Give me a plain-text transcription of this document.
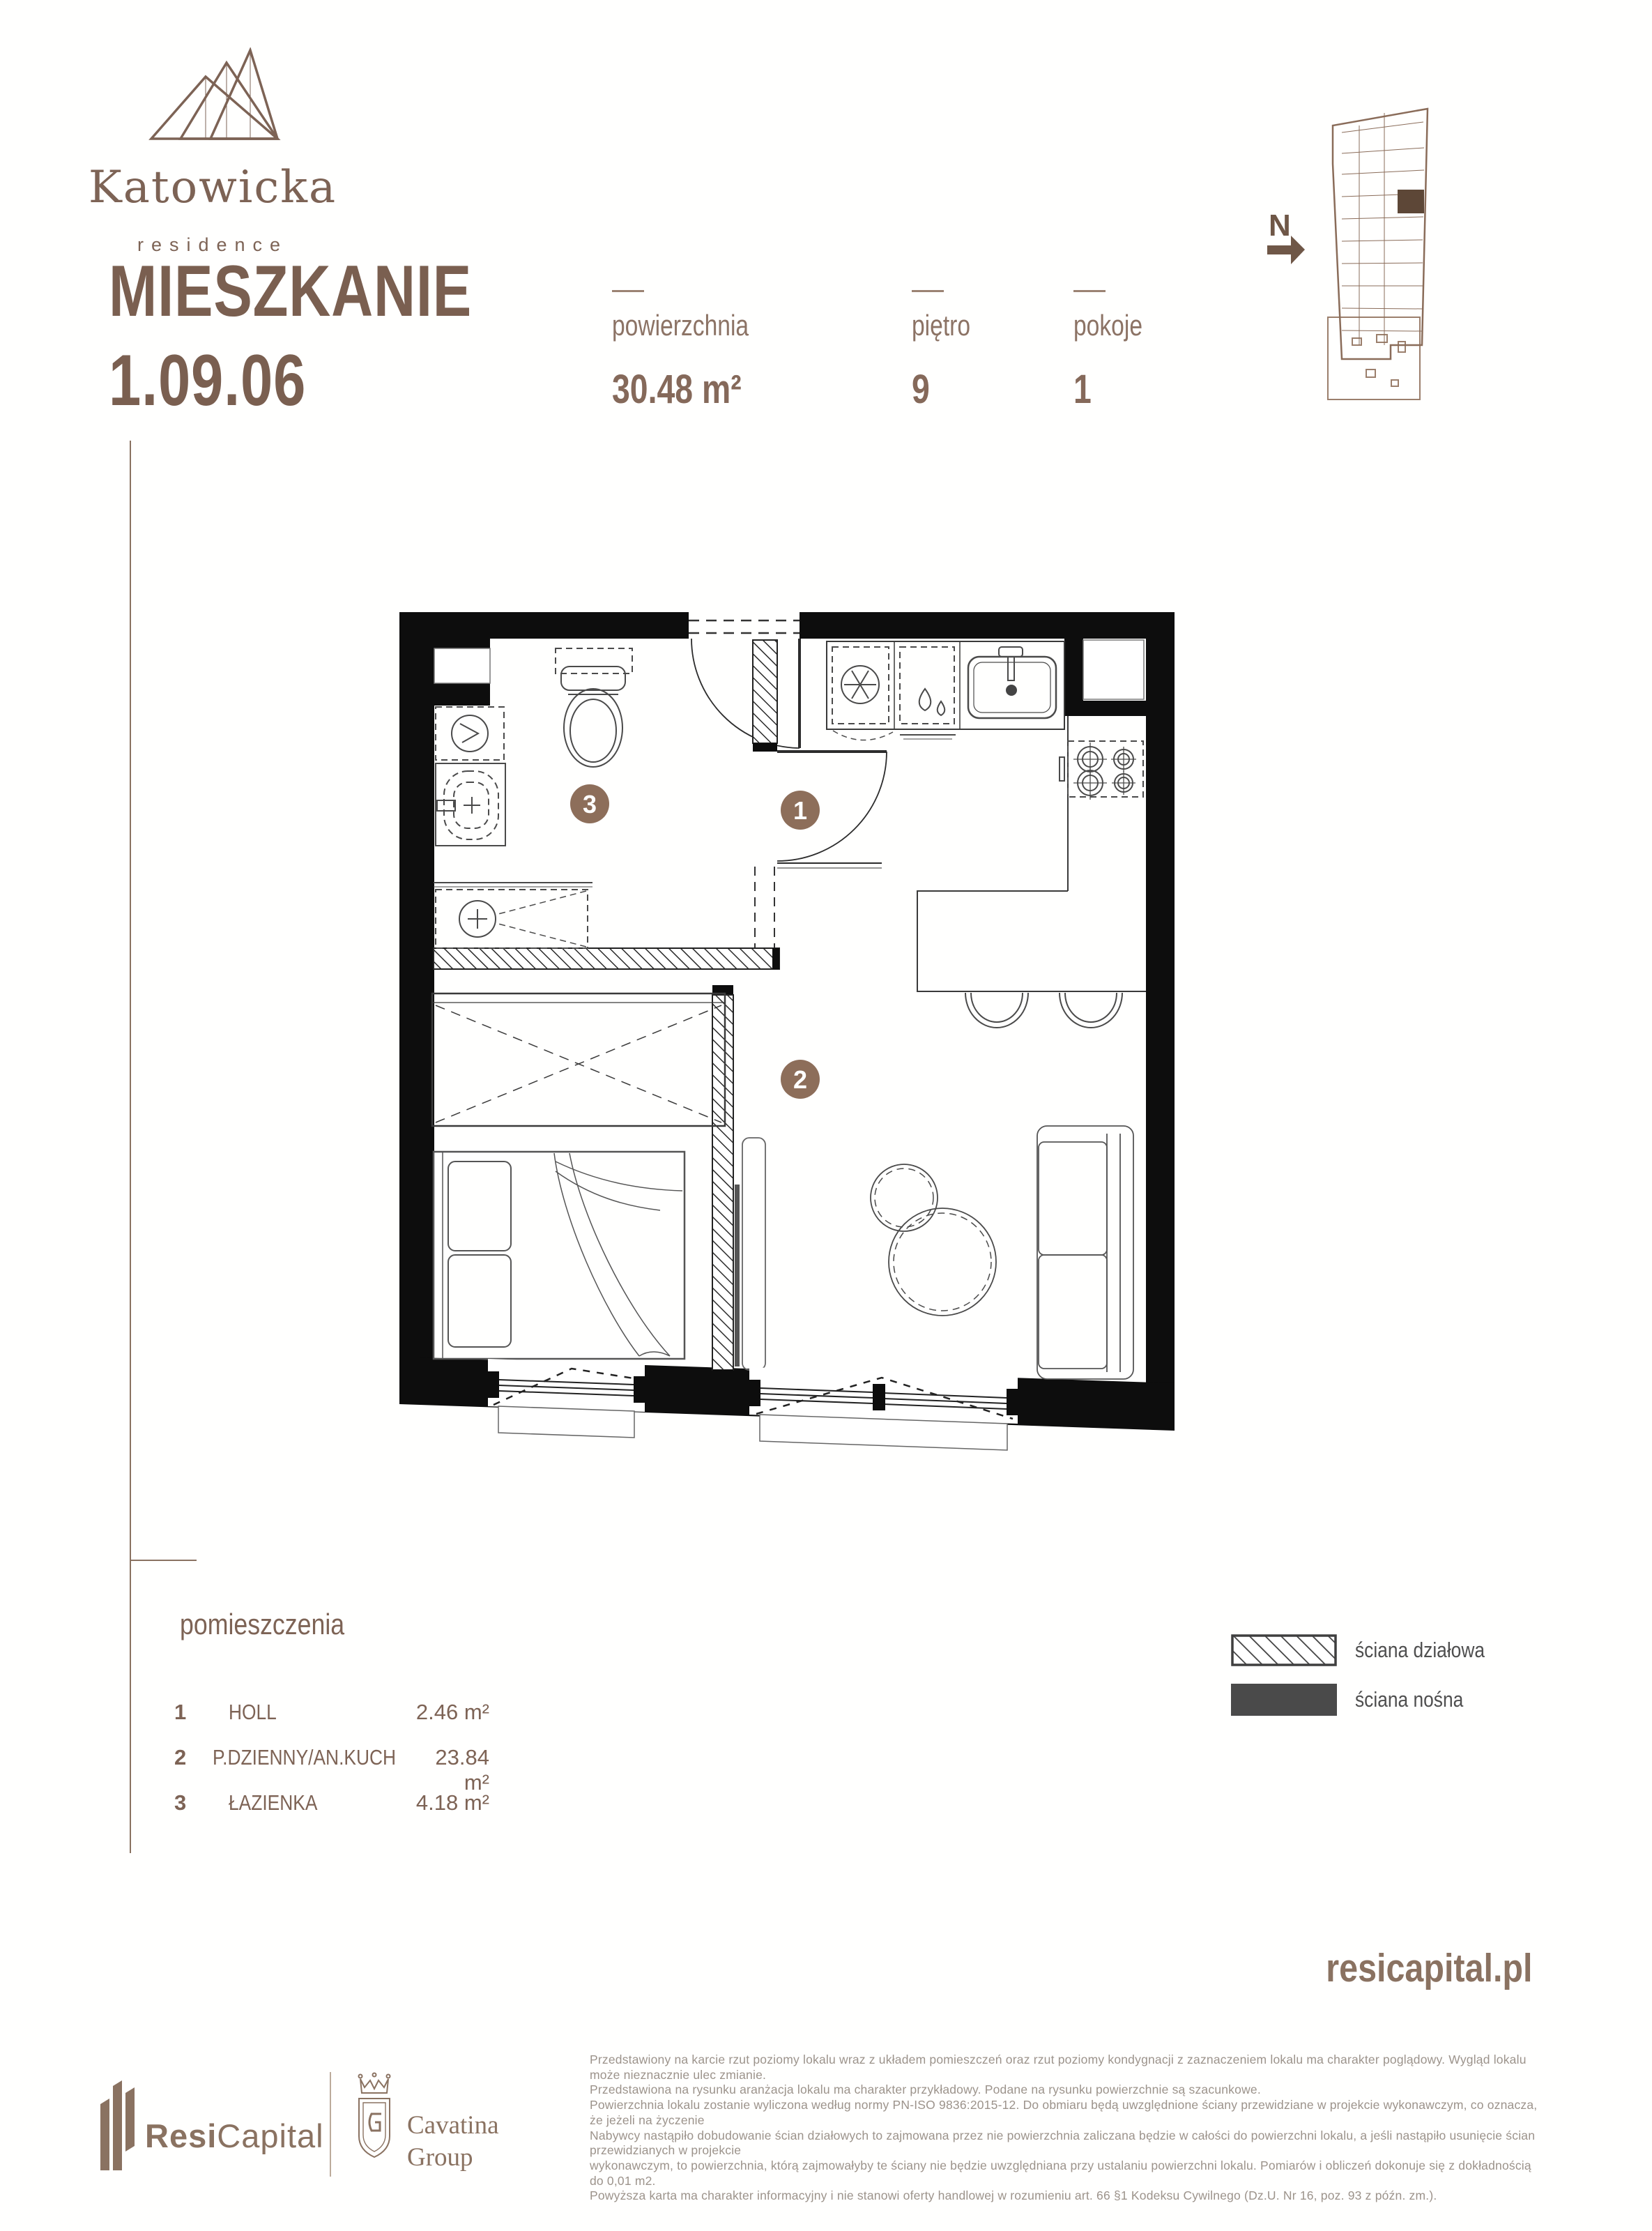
Katowicka
residence
MIESZKANIE
1.09.06
powierzchnia
30.48 m²
piętro
9
pokoje
1
N
1
2
3
pomieszczenia
1	HOLL	2.46 m²
2	P.DZIENNY/AN.KUCH	23.84 m²
3	ŁAZIENKA	4.18 m²
ściana działowa
ściana nośna
resicapital.pl
ResiCapital	Cavatina
Group
Przedstawiony na karcie rzut poziomy lokalu wraz z układem pomieszczeń oraz rzut poziomy kondygnacji z zaznaczeniem lokalu ma charakter poglądowy. Wygląd lokalu może nieznacznie ulec zmianie.
Przedstawiona na rysunku aranżacja lokalu ma charakter przykładowy. Podane na rysunku powierzchnie są szacunkowe.
Powierzchnia lokalu zostanie wyliczona według normy PN-ISO 9836:2015-12. Do obmiaru będą uwzględnione ściany przewidziane w projekcie wykonawczym, co oznacza, że jeżeli na życzenie
Nabywcy nastąpiło dobudowanie ścian działowych to zajmowana przez nie powierzchnia zaliczana będzie w całości do powierzchni lokalu, a jeśli nastąpiło usunięcie ścian przewidzianych w projekcie
wykonawczym, to powierzchnia, którą zajmowałyby te ściany nie będzie uwzględniana przy ustalaniu powierzchni lokalu. Pomiarów i obliczeń dokonuje się z dokładnością do 0,01 m2.
Powyższa karta ma charakter informacyjny i nie stanowi oferty handlowej w rozumieniu art. 66 §1 Kodeksu Cywilnego (Dz.U. Nr 16, poz. 93 z późn. zm.).
